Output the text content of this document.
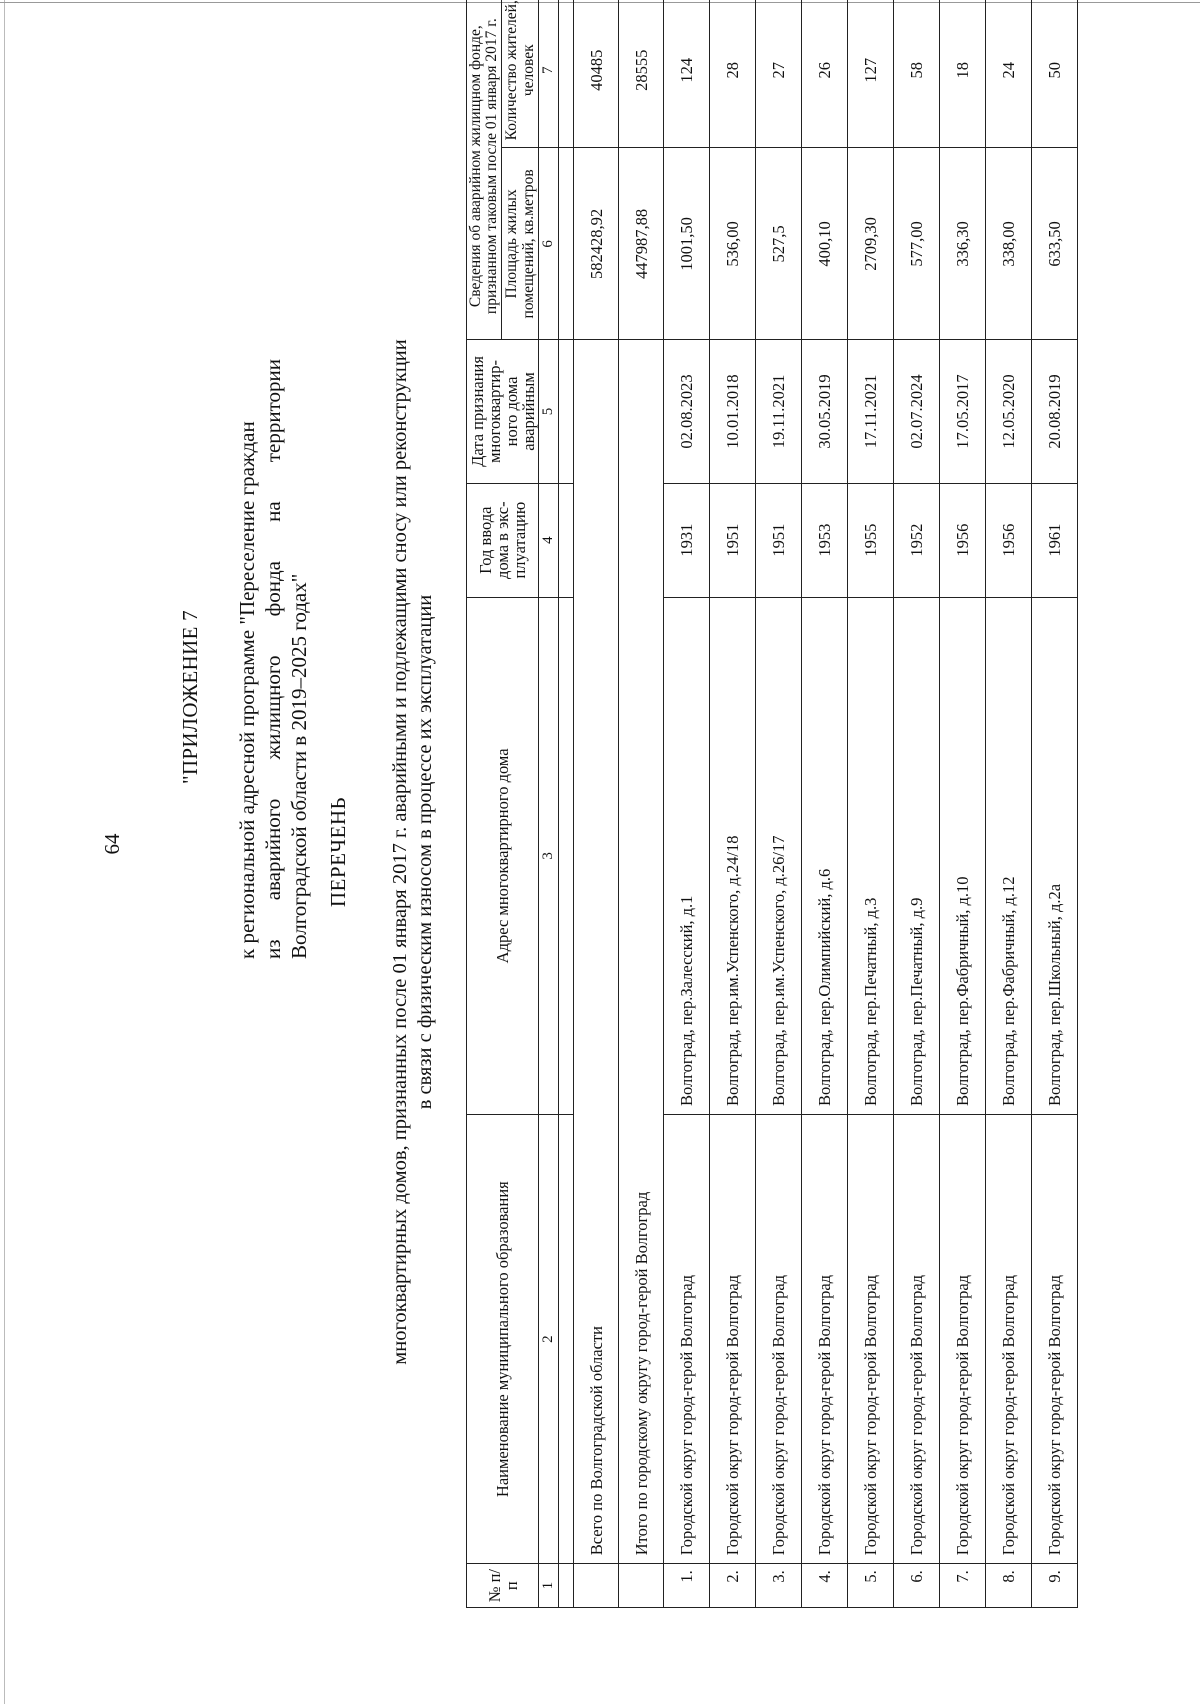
64
"ПРИЛОЖЕНИЕ 7 к региональной адресной программе "Переселение граждан из аварийного жилищного фонда на территории Волгоградской области в 2019–2025 годах" ПЕРЕЧЕНЬ многоквартирных домов, признанных после 01 января 2017 г. аварийными и подлежащими сносу или реконструкции в связи с физическим износом в процессе их эксплуатации
№ п/п	Наименование муниципального образования	Адрес многоквартирного дома	Год ввода дома в экс-плуатацию	Дата признания многоквартир-ного дома аварийным	Сведения об аварийном жилищном фонде, признанном таковым после 01 января 2017 г.	
					Площадь жилых помещений, кв.метров	Количество жителей, человек
1	2	3	4	5	6	7

	Всего по Волгоградской области				582428,92	40485
	Итого по городскому округу город-герой Волгоград				447987,88	28555
1.	Городской округ город-герой Волгоград	Волгоград, пер.Залесский, д.1	1931	02.08.2023	1001,50	124
2.	Городской округ город-герой Волгоград	Волгоград, пер.им.Успенского, д.24/18	1951	10.01.2018	536,00	28
3.	Городской округ город-герой Волгоград	Волгоград, пер.им.Успенского, д.26/17	1951	19.11.2021	527,5	27
4.	Городской округ город-герой Волгоград	Волгоград, пер.Олимпийский, д.6	1953	30.05.2019	400,10	26
5.	Городской округ город-герой Волгоград	Волгоград, пер.Печатный, д.3	1955	17.11.2021	2709,30	127
6.	Городской округ город-герой Волгоград	Волгоград, пер.Печатный, д.9	1952	02.07.2024	577,00	58
7.	Городской округ город-герой Волгоград	Волгоград, пер.Фабричный, д.10	1956	17.05.2017	336,30	18
8.	Городской округ город-герой Волгоград	Волгоград, пер.Фабричный, д.12	1956	12.05.2020	338,00	24
9.	Городской округ город-герой Волгоград	Волгоград, пер.Школьный, д.2а	1961	20.08.2019	633,50	50
